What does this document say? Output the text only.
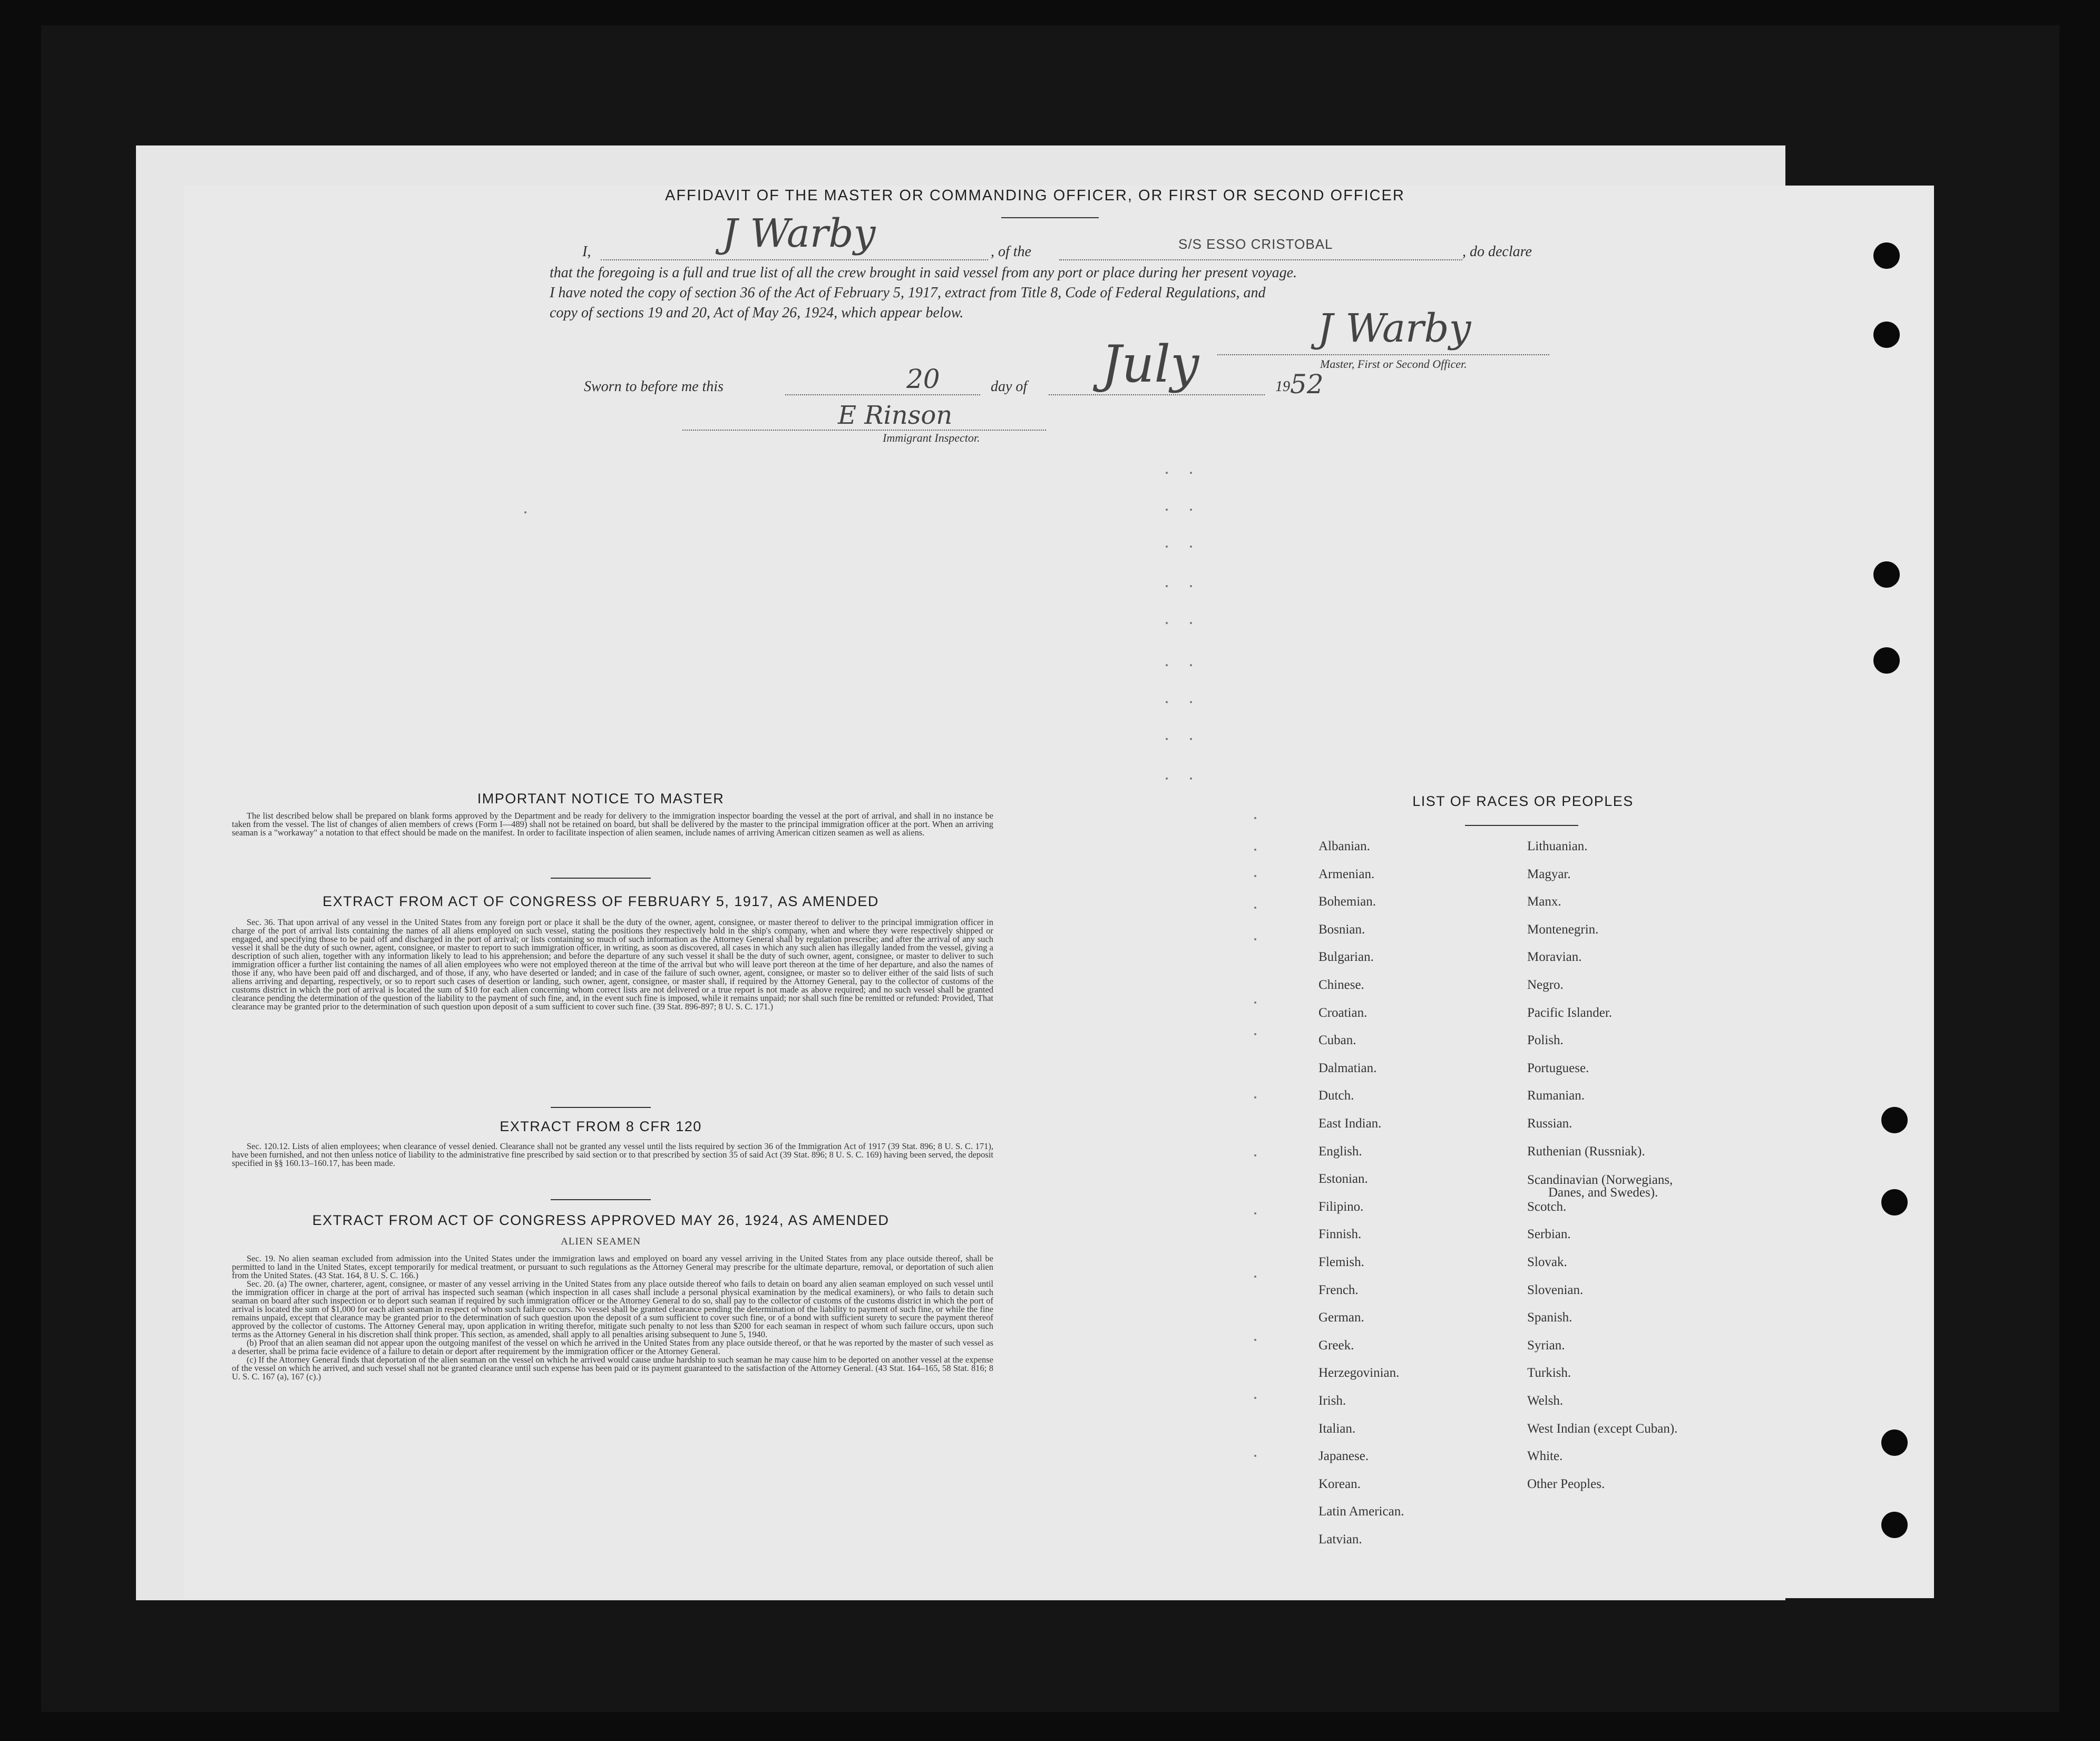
AFFIDAVIT OF THE MASTER OR COMMANDING OFFICER, OR FIRST OR SECOND OFFICER
I,	J Warby	, of the	S/S ESSO CRISTOBAL	, do declare
that the foregoing is a full and true list of all the crew brought in said vessel from any port or place during her present voyage.
I have noted the copy of section 36 of the Act of February 5, 1917, extract from Title 8, Code of Federal Regulations, and
copy of sections 19 and 20, Act of May 26, 1924, which appear below.	J Warby
Master, First or Second Officer.
Sworn to before me this	20	day of July	19 52
E Rinson
Immigrant Inspector.
IMPORTANT NOTICE TO MASTER

The list described below shall be prepared on blank forms approved by the Department and be ready for delivery to the immigration inspector boarding the vessel at the port of arrival, and shall in no instance be taken from the vessel. The list of changes of alien members of crews (Form I—489) shall not be retained on board, but shall be delivered by the master to the principal immigration officer at the port. When an arriving seaman is a "workaway" a notation to that effect should be made on the manifest. In order to facilitate inspection of alien seamen, include names of arriving American citizen seamen as well as aliens.

EXTRACT FROM ACT OF CONGRESS OF FEBRUARY 5, 1917, AS AMENDED

Sec. 36. That upon arrival of any vessel in the United States from any foreign port or place it shall be the duty of the owner, agent, consignee, or master thereof to deliver to the principal immigration officer in charge of the port of arrival lists containing the names of all aliens employed on such vessel, stating the positions they respectively hold in the ship's company, when and where they were respectively shipped or engaged, and specifying those to be paid off and discharged in the port of arrival; or lists containing so much of such information as the Attorney General shall by regulation prescribe; and after the arrival of any such vessel it shall be the duty of such owner, agent, consignee, or master to report to such immigration officer, in writing, as soon as discovered, all cases in which any such alien has illegally landed from the vessel, giving a description of such alien, together with any information likely to lead to his apprehension; and before the departure of any such vessel it shall be the duty of such owner, agent, consignee, or master to deliver to such immigration officer a further list containing the names of all alien employees who were not employed thereon at the time of the arrival but who will leave port thereon at the time of her departure, and also the names of those if any, who have been paid off and discharged, and of those, if any, who have deserted or landed; and in case of the failure of such owner, agent, consignee, or master so to deliver either of the said lists of such aliens arriving and departing, respectively, or so to report such cases of desertion or landing, such owner, agent, consignee, or master shall, if required by the Attorney General, pay to the collector of customs of the customs district in which the port of arrival is located the sum of $10 for each alien concerning whom correct lists are not delivered or a true report is not made as above required; and no such vessel shall be granted clearance pending the determination of the question of the liability to the payment of such fine, and, in the event such fine is imposed, while it remains unpaid; nor shall such fine be remitted or refunded: Provided, That clearance may be granted prior to the determination of such question upon deposit of a sum sufficient to cover such fine. (39 Stat. 896-897; 8 U. S. C. 171.)

EXTRACT FROM 8 CFR 120

Sec. 120.12. Lists of alien employees; when clearance of vessel denied. Clearance shall not be granted any vessel until the lists required by section 36 of the Immigration Act of 1917 (39 Stat. 896; 8 U. S. C. 171), have been furnished, and not then unless notice of liability to the administrative fine prescribed by said section or to that prescribed by section 35 of said Act (39 Stat. 896; 8 U. S. C. 169) having been served, the deposit specified in §§ 160.13–160.17, has been made.

EXTRACT FROM ACT OF CONGRESS APPROVED MAY 26, 1924, AS AMENDED
ALIEN SEAMEN

Sec. 19. No alien seaman excluded from admission into the United States under the immigration laws and employed on board any vessel arriving in the United States from any place outside thereof, shall be permitted to land in the United States, except temporarily for medical treatment, or pursuant to such regulations as the Attorney General may prescribe for the ultimate departure, removal, or deportation of such alien from the United States. (43 Stat. 164, 8 U. S. C. 166.)

Sec. 20. (a) The owner, charterer, agent, consignee, or master of any vessel arriving in the United States from any place outside thereof who fails to detain on board any alien seaman employed on such vessel until the immigration officer in charge at the port of arrival has inspected such seaman (which inspection in all cases shall include a personal physical examination by the medical examiners), or who fails to detain such seaman on board after such inspection or to deport such seaman if required by such immigration officer or the Attorney General to do so, shall pay to the collector of customs of the customs district in which the port of arrival is located the sum of $1,000 for each alien seaman in respect of whom such failure occurs. No vessel shall be granted clearance pending the determination of the liability to payment of such fine, or while the fine remains unpaid, except that clearance may be granted prior to the determination of such question upon the deposit of a sum sufficient to cover such fine, or of a bond with sufficient surety to secure the payment thereof approved by the collector of customs. The Attorney General may, upon application in writing therefor, mitigate such penalty to not less than $200 for each seaman in respect of whom such failure occurs, upon such terms as the Attorney General in his discretion shall think proper. This section, as amended, shall apply to all penalties arising subsequent to June 5, 1940.

(b) Proof that an alien seaman did not appear upon the outgoing manifest of the vessel on which he arrived in the United States from any place outside thereof, or that he was reported by the master of such vessel as a deserter, shall be prima facie evidence of a failure to detain or deport after requirement by the immigration officer or the Attorney General.

(c) If the Attorney General finds that deportation of the alien seaman on the vessel on which he arrived would cause undue hardship to such seaman he may cause him to be deported on another vessel at the expense of the vessel on which he arrived, and such vessel shall not be granted clearance until such expense has been paid or its payment guaranteed to the satisfaction of the Attorney General. (43 Stat. 164–165, 58 Stat. 816; 8 U. S. C. 167 (a), 167 (c).)

LIST OF RACES OR PEOPLES
Albanian.
Armenian.
Bohemian.
Bosnian.
Bulgarian.
Chinese.
Croatian.
Cuban.
Dalmatian.
Dutch.
East Indian.
English.
Estonian.
Filipino.
Finnish.
Flemish.
French.
German.
Greek.
Herzegovinian.
Irish.
Italian.
Japanese.
Korean.
Latin American.
Latvian.
Lithuanian.
Magyar.
Manx.
Montenegrin.
Moravian.
Negro.
Pacific Islander.
Polish.
Portuguese.
Rumanian.
Russian.
Ruthenian (Russniak).
Scandinavian (Norwegians,
Danes, and Swedes).
Scotch.
Serbian.
Slovak.
Slovenian.
Spanish.
Syrian.
Turkish.
Welsh.
West Indian (except Cuban).
White.
Other Peoples.
